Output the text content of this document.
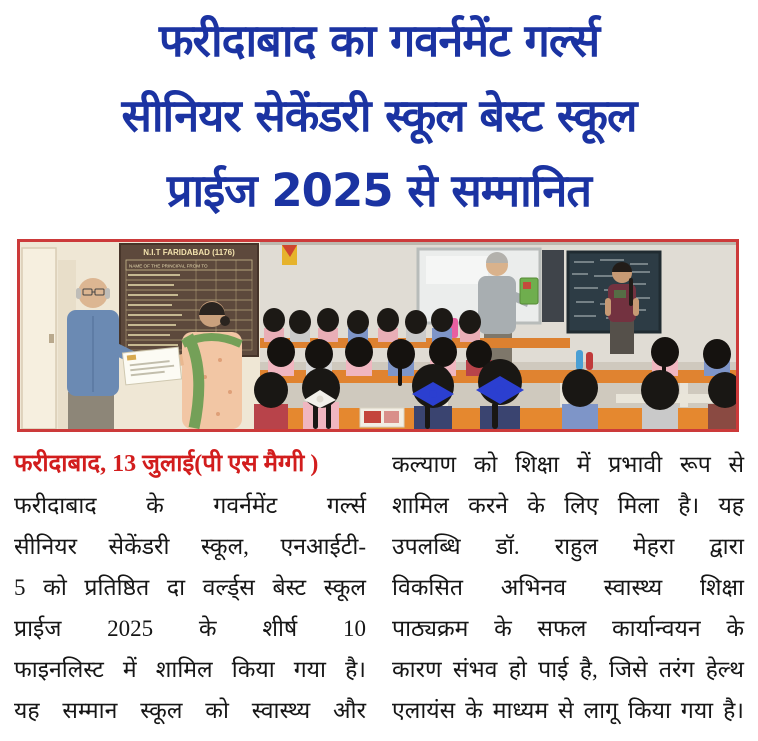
फरीदाबाद का गवर्नमेंट गर्ल्स
सीनियर सेकेंडरी स्कूल बेस्ट स्कूल
प्राईज 2025 से सम्मानित
N.I.T FARIDABAD (1176)
NAME OF THE PRINCIPAL FROM TO
फरीदाबाद, 13 जुलाई(पी एस मैग्गी )
फरीदाबाद के गवर्नमेंट गर्ल्स
सीनियर सेकेंडरी स्कूल, एनआईटी-
5 को प्रतिष्ठित दा वर्ल्ड्स बेस्ट स्कूल
प्राईज 2025 के शीर्ष 10
फाइनलिस्ट में शामिल किया गया है।
यह सम्मान स्कूल को स्वास्थ्य और
कल्याण को शिक्षा में प्रभावी रूप से
शामिल करने के लिए मिला है। यह
उपलब्धि डॉ. राहुल मेहरा द्वारा
विकसित अभिनव स्वास्थ्य शिक्षा
पाठ्यक्रम के सफल कार्यान्वयन के
कारण संभव हो पाई है, जिसे तरंग हेल्थ
एलायंस के माध्यम से लागू किया गया है।
